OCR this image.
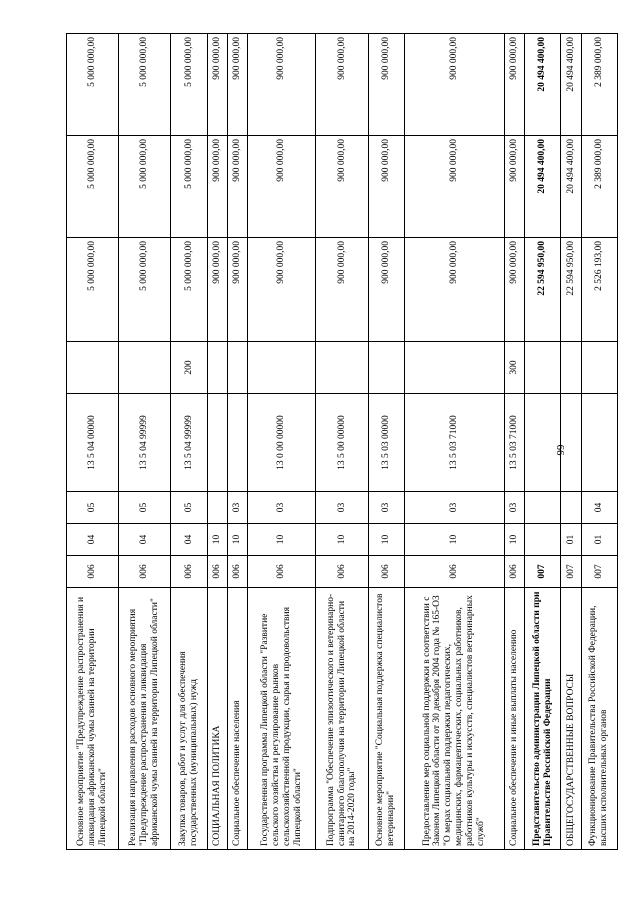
66
Основное мероприятие "Предупреждение распространения и ликвидация африканской чумы свиней на территории Липецкой области"	006	04	05	13 5 04 00000		5 000 000,00	5 000 000,00	5 000 000,00
Реализация направления расходов основного мероприятия "Предупреждение распространения и ликвидация африканской чумы свиней на территории Липецкой области"	006	04	05	13 5 04 99999		5 000 000,00	5 000 000,00	5 000 000,00
Закупка товаров, работ и услуг для обеспечения государственных (муниципальных) нужд	006	04	05	13 5 04 99999	200	5 000 000,00	5 000 000,00	5 000 000,00
СОЦИАЛЬНАЯ ПОЛИТИКА	006	10				900 000,00	900 000,00	900 000,00
Социальное обеспечение населения	006	10	03			900 000,00	900 000,00	900 000,00
Государственная программа Липецкой области "Развитие сельского хозяйства и регулирование рынков сельскохозяйственной продукции, сырья и продовольствия Липецкой области"	006	10	03	13 0 00 00000		900 000,00	900 000,00	900 000,00
Подпрограмма "Обеспечение эпизоотического и ветеринарно-санитарного благополучия на территории Липецкой области на 2014-2020 годы"	006	10	03	13 5 00 00000		900 000,00	900 000,00	900 000,00
Основное мероприятие "Социальная поддержка специалистов ветеринарии"	006	10	03	13 5 03 00000		900 000,00	900 000,00	900 000,00
Предоставление мер социальной поддержки в соответствии с Законом Липецкой области от 30 декабря 2004 года № 165-ОЗ "О мерах социальной поддержки педагогических, медицинских, фармацевтических, социальных работников, работников культуры и искусств, специалистов ветеринарных служб"	006	10	03	13 5 03 71000		900 000,00	900 000,00	900 000,00
Социальное обеспечение и иные выплаты населению	006	10	03	13 5 03 71000	300	900 000,00	900 000,00	900 000,00
Представительство администрации Липецкой области при Правительстве Российской Федерации	007					22 594 950,00	20 494 400,00	20 494 400,00
ОБЩЕГОСУДАРСТВЕННЫЕ ВОПРОСЫ	007	01				22 594 950,00	20 494 400,00	20 494 400,00
Функционирование Правительства Российской Федерации, высших исполнительных органов	007	01	04			2 526 193,00	2 389 000,00	2 389 000,00
